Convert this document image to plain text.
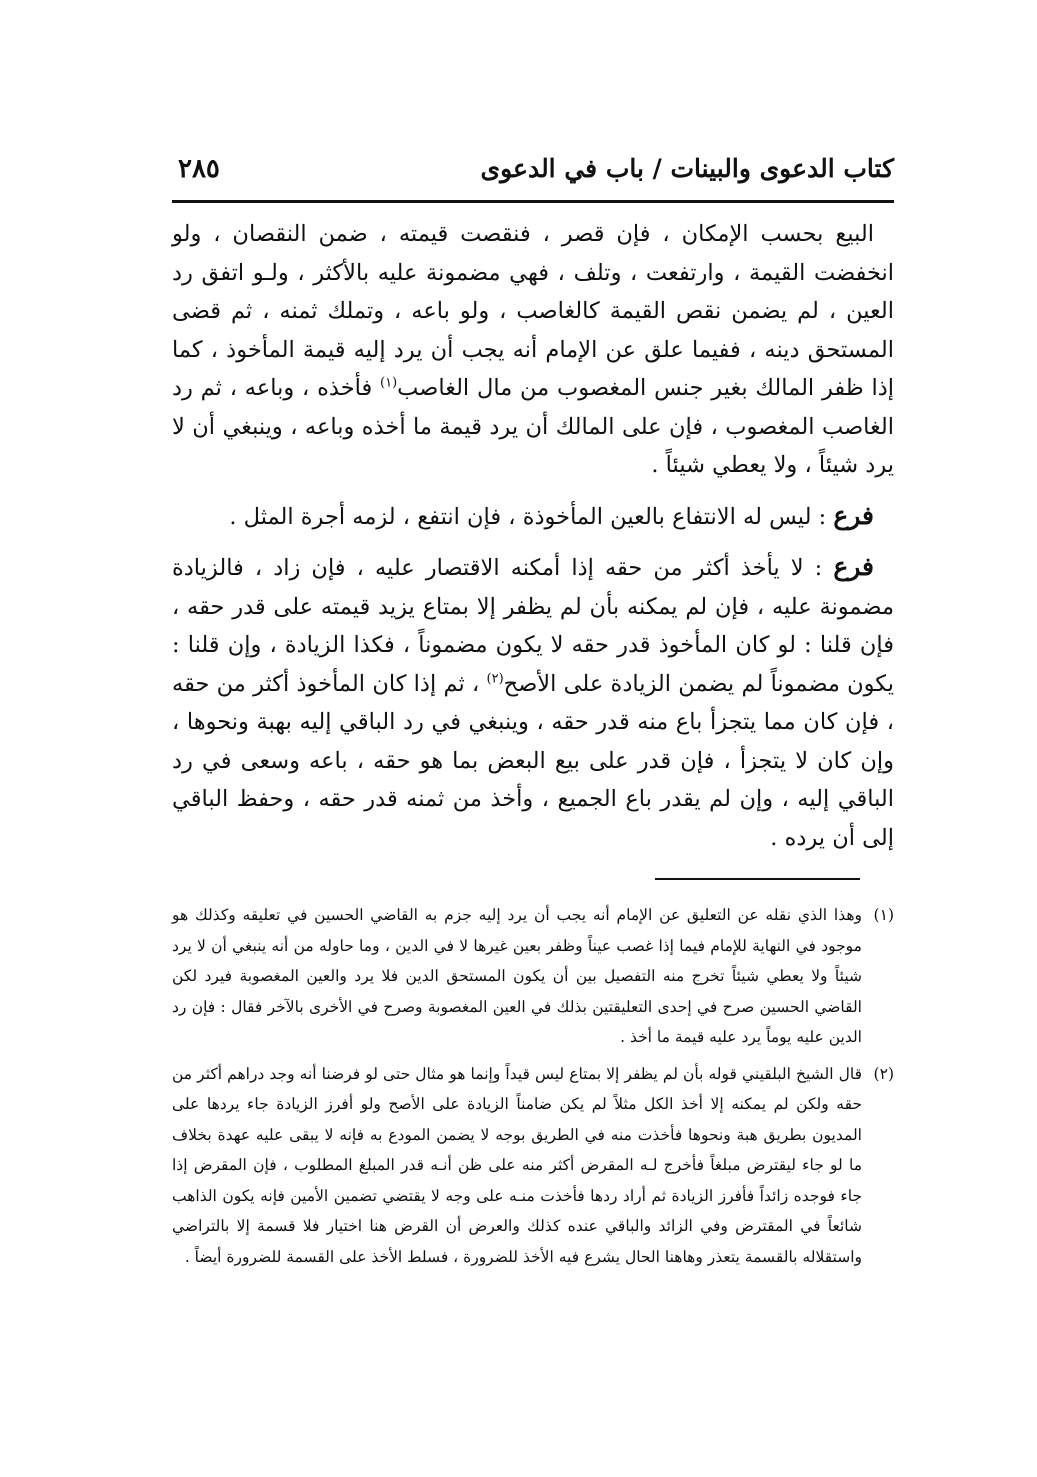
كتاب الدعوى والبينات / باب في الدعوى
٢٨٥

البيع بحسب الإمكان ، فإن قصر ، فنقصت قيمته ، ضمن النقصان ، ولو انخفضت القيمة ، وارتفعت ، وتلف ، فهي مضمونة عليه بالأكثر ، ولـو اتفق رد العين ، لم يضمن نقص القيمة كالغاصب ، ولو باعه ، وتملك ثمنه ، ثم قضى المستحق دينه ، ففيما علق عن الإمام أنه يجب أن يرد إليه قيمة المأخوذ ، كما إذا ظفر المالك بغير جنس المغصوب من مال الغاصب$^{(١)}$ فأخذه ، وباعه ، ثم رد الغاصب المغصوب ، فإن على المالك أن يرد قيمة ما أخذه وباعه ، وينبغي أن لا يرد شيئاً ، ولا يعطي شيئاً .

فرع : ليس له الانتفاع بالعين المأخوذة ، فإن انتفع ، لزمه أجرة المثل .

فرع : لا يأخذ أكثر من حقه إذا أمكنه الاقتصار عليه ، فإن زاد ، فالزيادة مضمونة عليه ، فإن لم يمكنه بأن لم يظفر إلا بمتاع يزيد قيمته على قدر حقه ، فإن قلنا : لو كان المأخوذ قدر حقه لا يكون مضموناً ، فكذا الزيادة ، وإن قلنا : يكون مضموناً لم يضمن الزيادة على الأصح$^{(٢)}$ ، ثم إذا كان المأخوذ أكثر من حقه ، فإن كان مما يتجزأ باع منه قدر حقه ، وينبغي في رد الباقي إليه بهبة ونحوها ، وإن كان لا يتجزأ ، فإن قدر على بيع البعض بما هو حقه ، باعه وسعى في رد الباقي إليه ، وإن لم يقدر باع الجميع ، وأخذ من ثمنه قدر حقه ، وحفظ الباقي إلى أن يرده .

(١)

وهذا الذي نقله عن التعليق عن الإمام أنه يجب أن يرد إليه جزم به القاضي الحسين في تعليقه وكذلك هو موجود في النهاية للإمام فيما إذا غصب عيناً وظفر بعين غيرها لا في الدين ، وما حاوله من أنه ينبغي أن لا يرد شيئاً ولا يعطي شيئاً تخرج منه التفصيل بين أن يكون المستحق الدين فلا يرد والعين المغصوبة فيرد لكن القاضي الحسين صرح في إحدى التعليقتين بذلك في العين المغصوبة وصرح في الأخرى بالآخر فقال : فإن رد الدين عليه يوماً يرد عليه قيمة ما أخذ .

(٢)

قال الشيخ البلقيني قوله بأن لم يظفر إلا بمتاع ليس قيداً وإنما هو مثال حتى لو فرضنا أنه وجد دراهم أكثر من حقه ولكن لم يمكنه إلا أخذ الكل مثلاً لم يكن ضامناً الزيادة على الأصح ولو أفرز الزيادة جاء يردها على المديون بطريق هبة ونحوها فأخذت منه في الطريق بوجه لا يضمن المودع به فإنه لا يبقى عليه عهدة بخلاف ما لو جاء ليقترض مبلغاً فأخرج لـه المقرض أكثر منه على ظن أنـه قدر المبلغ المطلوب ، فإن المقرض إذا جاء فوجده زائداً فأفرز الزيادة ثم أراد ردها فأخذت منـه على وجه لا يقتضي تضمين الأمين فإنه يكون الذاهب شائعاً في المقترض وفي الزائد والباقي عنده كذلك والعرض أن القرض هنا اختيار فلا قسمة إلا بالتراضي واستقلاله بالقسمة يتعذر وهاهنا الحال يشرع فيه الأخذ للضرورة ، فسلط الأخذ على القسمة للضرورة أيضاً .
